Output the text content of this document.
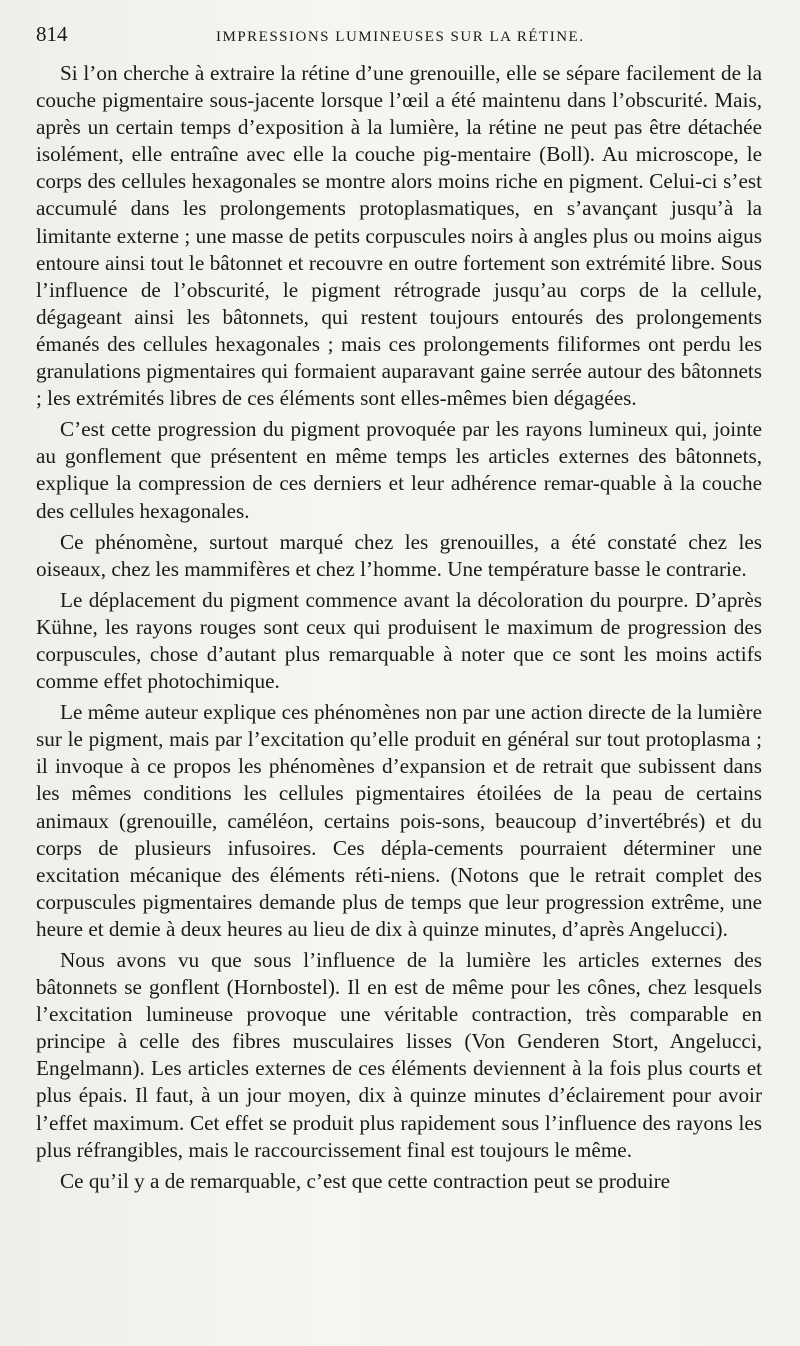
814	IMPRESSIONS LUMINEUSES SUR LA RÉTINE.

Si l’on cherche à extraire la rétine d’une grenouille, elle se sépare facilement de la couche pigmentaire sous-jacente lorsque l’œil a été maintenu dans l’obscurité. Mais, après un certain temps d’exposition à la lumière, la rétine ne peut pas être détachée isolément, elle entraîne avec elle la couche pig-mentaire (Boll). Au microscope, le corps des cellules hexagonales se montre alors moins riche en pigment. Celui-ci s’est accumulé dans les prolongements protoplasmatiques, en s’avançant jusqu’à la limitante externe ; une masse de petits corpuscules noirs à angles plus ou moins aigus entoure ainsi tout le bâtonnet et recouvre en outre fortement son extrémité libre. Sous l’influence de l’obscurité, le pigment rétrograde jusqu’au corps de la cellule, dégageant ainsi les bâtonnets, qui restent toujours entourés des prolongements émanés des cellules hexagonales ; mais ces prolongements filiformes ont perdu les granulations pigmentaires qui formaient auparavant gaine serrée autour des bâtonnets ; les extrémités libres de ces éléments sont elles-mêmes bien dégagées.

C’est cette progression du pigment provoquée par les rayons lumineux qui, jointe au gonflement que présentent en même temps les articles externes des bâtonnets, explique la compression de ces derniers et leur adhérence remar-quable à la couche des cellules hexagonales.

Ce phénomène, surtout marqué chez les grenouilles, a été constaté chez les oiseaux, chez les mammifères et chez l’homme. Une température basse le contrarie.

Le déplacement du pigment commence avant la décoloration du pourpre. D’après Kühne, les rayons rouges sont ceux qui produisent le maximum de progression des corpuscules, chose d’autant plus remarquable à noter que ce sont les moins actifs comme effet photochimique.

Le même auteur explique ces phénomènes non par une action directe de la lumière sur le pigment, mais par l’excitation qu’elle produit en général sur tout protoplasma ; il invoque à ce propos les phénomènes d’expansion et de retrait que subissent dans les mêmes conditions les cellules pigmentaires étoilées de la peau de certains animaux (grenouille, caméléon, certains pois-sons, beaucoup d’invertébrés) et du corps de plusieurs infusoires. Ces dépla-cements pourraient déterminer une excitation mécanique des éléments réti-niens. (Notons que le retrait complet des corpuscules pigmentaires demande plus de temps que leur progression extrême, une heure et demie à deux heures au lieu de dix à quinze minutes, d’après Angelucci).

Nous avons vu que sous l’influence de la lumière les articles externes des bâtonnets se gonflent (Hornbostel). Il en est de même pour les cônes, chez lesquels l’excitation lumineuse provoque une véritable contraction, très comparable en principe à celle des fibres musculaires lisses (Von Genderen Stort, Angelucci, Engelmann). Les articles externes de ces éléments deviennent à la fois plus courts et plus épais. Il faut, à un jour moyen, dix à quinze minutes d’éclairement pour avoir l’effet maximum. Cet effet se produit plus rapidement sous l’influence des rayons les plus réfrangibles, mais le raccourcissement final est toujours le même.

Ce qu’il y a de remarquable, c’est que cette contraction peut se produire
